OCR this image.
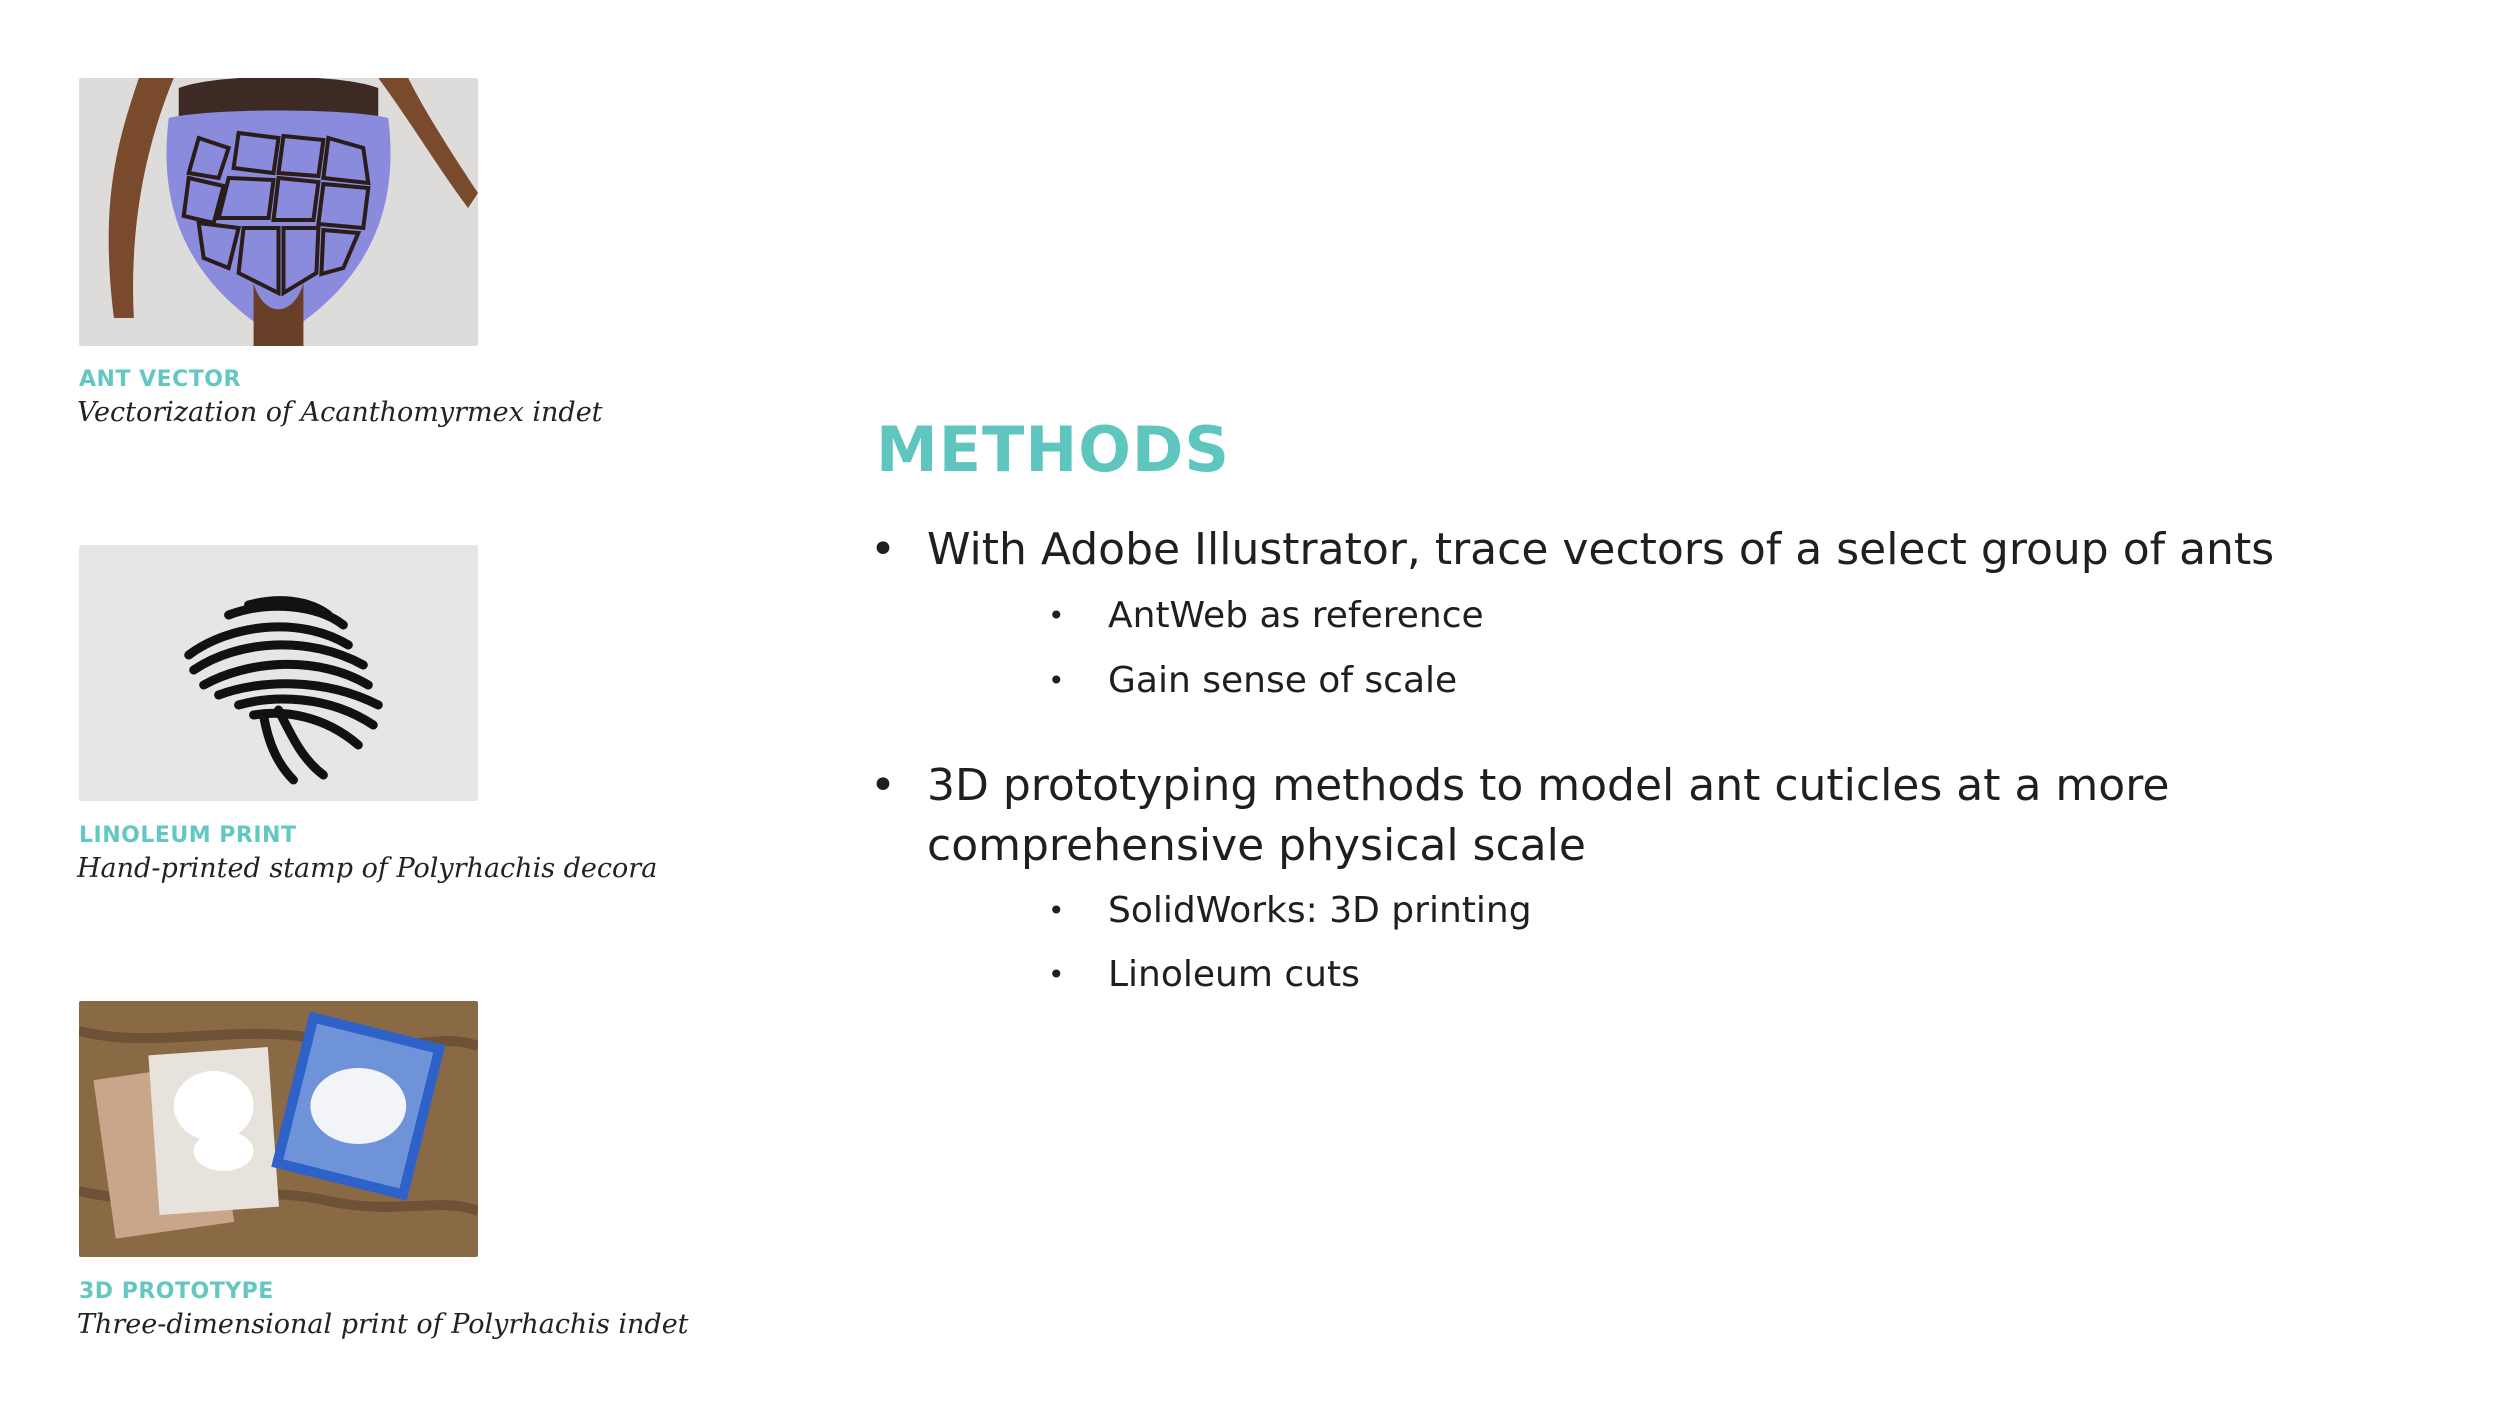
ANT VECTOR
Vectorization of Acanthomyrmex indet
LINOLEUM PRINT
Hand-printed stamp of Polyrhachis decora
3D PROTOTYPE
Three-dimensional print of Polyrhachis indet
METHODS
• With Adobe Illustrator, trace vectors of a select group of ants
• AntWeb as reference
• Gain sense of scale
• 3D prototyping methods to model ant cuticles at a more
comprehensive physical scale
• SolidWorks: 3D printing
• Linoleum cuts
